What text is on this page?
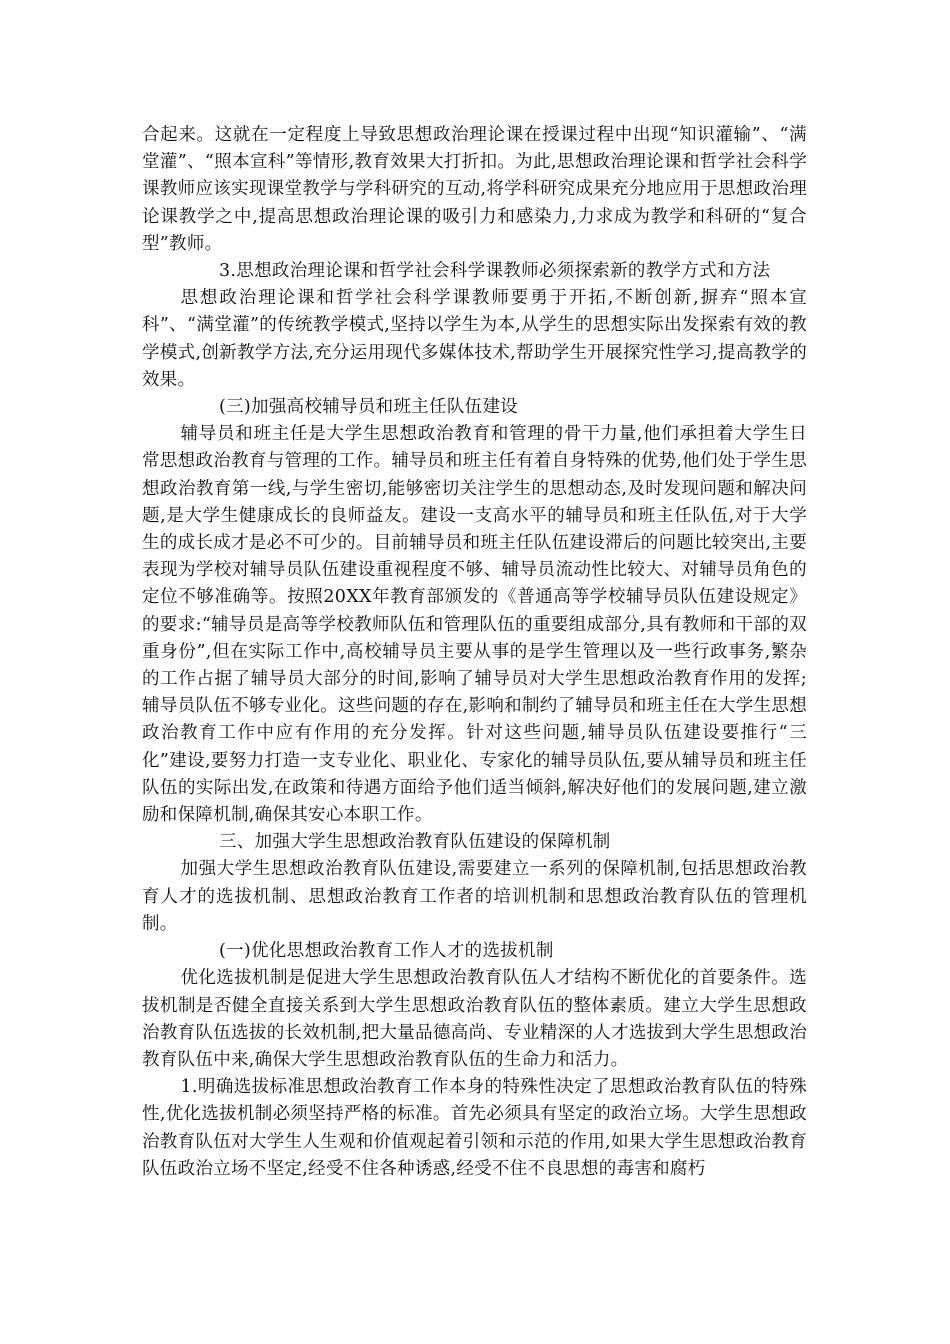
合起来。这就在一定程度上导致思想政治理论课在授课过程中出现“知识灌输”、“满堂灌”、“照本宣科”等情形,教育效果大打折扣。为此,思想政治理论课和哲学社会科学课教师应该实现课堂教学与学科研究的互动,将学科研究成果充分地应用于思想政治理论课教学之中,提高思想政治理论课的吸引力和感染力,力求成为教学和科研的“复合型”教师。

3.思想政治理论课和哲学社会科学课教师必须探索新的教学方式和方法

思想政治理论课和哲学社会科学课教师要勇于开拓,不断创新,摒弃“照本宣科”、“满堂灌”的传统教学模式,坚持以学生为本,从学生的思想实际出发探索有效的教学模式,创新教学方法,充分运用现代多媒体技术,帮助学生开展探究性学习,提高教学的效果。

(三)加强高校辅导员和班主任队伍建设

辅导员和班主任是大学生思想政治教育和管理的骨干力量,他们承担着大学生日常思想政治教育与管理的工作。辅导员和班主任有着自身特殊的优势,他们处于学生思想政治教育第一线,与学生密切,能够密切关注学生的思想动态,及时发现问题和解决问题,是大学生健康成长的良师益友。建设一支高水平的辅导员和班主任队伍,对于大学生的成长成才是必不可少的。目前辅导员和班主任队伍建设滞后的问题比较突出,主要表现为学校对辅导员队伍建设重视程度不够、辅导员流动性比较大、对辅导员角色的定位不够准确等。按照20XX年教育部颁发的《普通高等学校辅导员队伍建设规定》的要求:“辅导员是高等学校教师队伍和管理队伍的重要组成部分,具有教师和干部的双重身份”,但在实际工作中,高校辅导员主要从事的是学生管理以及一些行政事务,繁杂的工作占据了辅导员大部分的时间,影响了辅导员对大学生思想政治教育作用的发挥;辅导员队伍不够专业化。这些问题的存在,影响和制约了辅导员和班主任在大学生思想政治教育工作中应有作用的充分发挥。针对这些问题,辅导员队伍建设要推行“三化”建设,要努力打造一支专业化、职业化、专家化的辅导员队伍,要从辅导员和班主任队伍的实际出发,在政策和待遇方面给予他们适当倾斜,解决好他们的发展问题,建立激励和保障机制,确保其安心本职工作。

三、加强大学生思想政治教育队伍建设的保障机制

加强大学生思想政治教育队伍建设,需要建立一系列的保障机制,包括思想政治教育人才的选拔机制、思想政治教育工作者的培训机制和思想政治教育队伍的管理机制。

(一)优化思想政治教育工作人才的选拔机制

优化选拔机制是促进大学生思想政治教育队伍人才结构不断优化的首要条件。选拔机制是否健全直接关系到大学生思想政治教育队伍的整体素质。建立大学生思想政治教育队伍选拔的长效机制,把大量品德高尚、专业精深的人才选拔到大学生思想政治教育队伍中来,确保大学生思想政治教育队伍的生命力和活力。

1.明确选拔标准思想政治教育工作本身的特殊性决定了思想政治教育队伍的特殊性,优化选拔机制必须坚持严格的标准。首先必须具有坚定的政治立场。大学生思想政治教育队伍对大学生人生观和价值观起着引领和示范的作用,如果大学生思想政治教育队伍政治立场不坚定,经受不住各种诱惑,经受不住不良思想的毒害和腐朽
